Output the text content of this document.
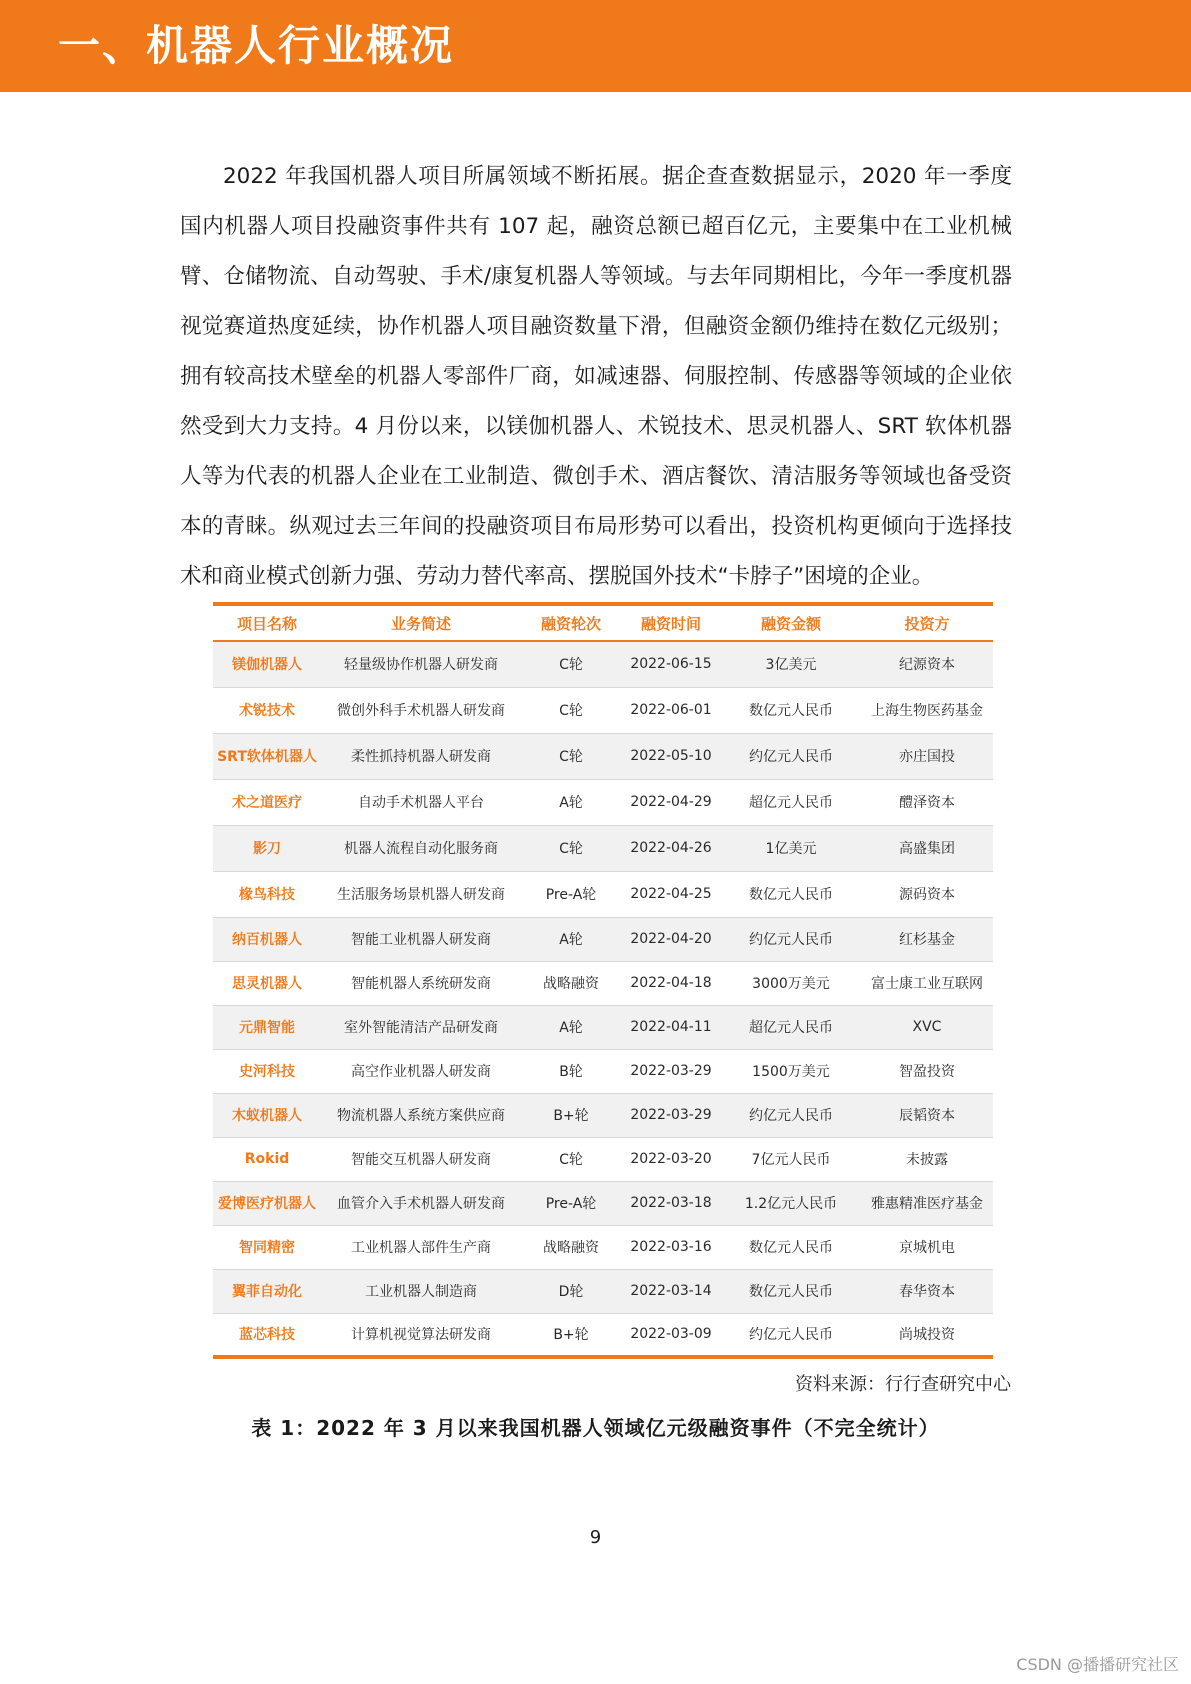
一、机器人行业概况
2022 年我国机器人项目所属领域不断拓展。据企查查数据显示，2020 年一季度国内机器人项目投融资事件共有 107 起，融资总额已超百亿元，主要集中在工业机械臂、仓储物流、自动驾驶、手术/康复机器人等领域。与去年同期相比，今年一季度机器视觉赛道热度延续，协作机器人项目融资数量下滑，但融资金额仍维持在数亿元级别；拥有较高技术壁垒的机器人零部件厂商，如减速器、伺服控制、传感器等领域的企业依然受到大力支持。4 月份以来，以镁伽机器人、术锐技术、思灵机器人、SRT 软体机器人等为代表的机器人企业在工业制造、微创手术、酒店餐饮、清洁服务等领域也备受资本的青睐。纵观过去三年间的投融资项目布局形势可以看出，投资机构更倾向于选择技术和商业模式创新力强、劳动力替代率高、摆脱国外技术“卡脖子”困境的企业。
项目名称	业务简述	融资轮次	融资时间	融资金额	投资方
镁伽机器人	轻量级协作机器人研发商	C轮	2022-06-15	3亿美元	纪源资本
术锐技术	微创外科手术机器人研发商	C轮	2022-06-01	数亿元人民币	上海生物医药基金
SRT软体机器人	柔性抓持机器人研发商	C轮	2022-05-10	约亿元人民币	亦庄国投
术之道医疗	自动手术机器人平台	A轮	2022-04-29	超亿元人民币	醴泽资本
影刀	机器人流程自动化服务商	C轮	2022-04-26	1亿美元	高盛集团
椽鸟科技	生活服务场景机器人研发商	Pre-A轮	2022-04-25	数亿元人民币	源码资本
纳百机器人	智能工业机器人研发商	A轮	2022-04-20	约亿元人民币	红杉基金
思灵机器人	智能机器人系统研发商	战略融资	2022-04-18	3000万美元	富士康工业互联网
元鼎智能	室外智能清洁产品研发商	A轮	2022-04-11	超亿元人民币	XVC
史河科技	高空作业机器人研发商	B轮	2022-03-29	1500万美元	智盈投资
木蚁机器人	物流机器人系统方案供应商	B+轮	2022-03-29	约亿元人民币	辰韬资本
Rokid	智能交互机器人研发商	C轮	2022-03-20	7亿元人民币	未披露
爱博医疗机器人	血管介入手术机器人研发商	Pre-A轮	2022-03-18	1.2亿元人民币	雅惠精准医疗基金
智同精密	工业机器人部件生产商	战略融资	2022-03-16	数亿元人民币	京城机电
翼菲自动化	工业机器人制造商	D轮	2022-03-14	数亿元人民币	春华资本
蓝芯科技	计算机视觉算法研发商	B+轮	2022-03-09	约亿元人民币	尚城投资
资料来源：行行查研究中心
表 1：2022 年 3 月以来我国机器人领域亿元级融资事件（不完全统计）
9
CSDN @播播研究社区
